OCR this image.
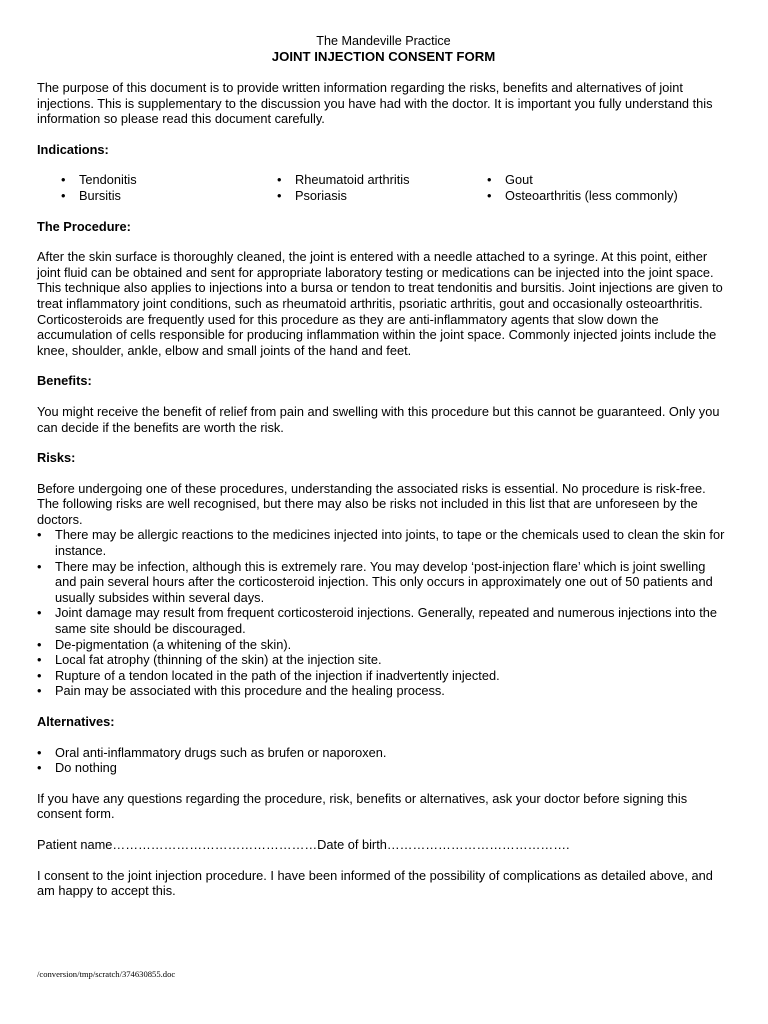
The Mandeville Practice
JOINT INJECTION CONSENT FORM

The purpose of this document is to provide written information regarding the risks, benefits and alternatives of joint injections. This is supplementary to the discussion you have had with the doctor. It is important you fully understand this information so please read this document carefully.

Indications:
• Tendonitis
• Bursitis
• Rheumatoid arthritis
• Psoriasis
• Gout
• Osteoarthritis (less commonly)
The Procedure:

After the skin surface is thoroughly cleaned, the joint is entered with a needle attached to a syringe. At this point, either joint fluid can be obtained and sent for appropriate laboratory testing or medications can be injected into the joint space. This technique also applies to injections into a bursa or tendon to treat tendonitis and bursitis. Joint injections are given to treat inflammatory joint conditions, such as rheumatoid arthritis, psoriatic arthritis, gout and occasionally osteoarthritis. Corticosteroids are frequently used for this procedure as they are anti-inflammatory agents that slow down the accumulation of cells responsible for producing inflammation within the joint space. Commonly injected joints include the knee, shoulder, ankle, elbow and small joints of the hand and feet.

Benefits:

You might receive the benefit of relief from pain and swelling with this procedure but this cannot be guaranteed. Only you can decide if the benefits are worth the risk.

Risks:

Before undergoing one of these procedures, understanding the associated risks is essential. No procedure is risk-free. The following risks are well recognised, but there may also be risks not included in this list that are unforeseen by the doctors.

• There may be allergic reactions to the medicines injected into joints, to tape or the chemicals used to clean the skin for instance.
• There may be infection, although this is extremely rare. You may develop ‘post-injection flare’ which is joint swelling and pain several hours after the corticosteroid injection. This only occurs in approximately one out of 50 patients and usually subsides within several days.
• Joint damage may result from frequent corticosteroid injections. Generally, repeated and numerous injections into the same site should be discouraged.
• De-pigmentation (a whitening of the skin).
• Local fat atrophy (thinning of the skin) at the injection site.
• Rupture of a tendon located in the path of the injection if inadvertently injected.
• Pain may be associated with this procedure and the healing process.
Alternatives:
• Oral anti-inflammatory drugs such as brufen or naporoxen.
• Do nothing

If you have any questions regarding the procedure, risk, benefits or alternatives, ask your doctor before signing this consent form.

Patient name…………………………………………Date of birth…………………………………….

I consent to the joint injection procedure. I have been informed of the possibility of complications as detailed above, and am happy to accept this.

/conversion/tmp/scratch/374630855.doc
